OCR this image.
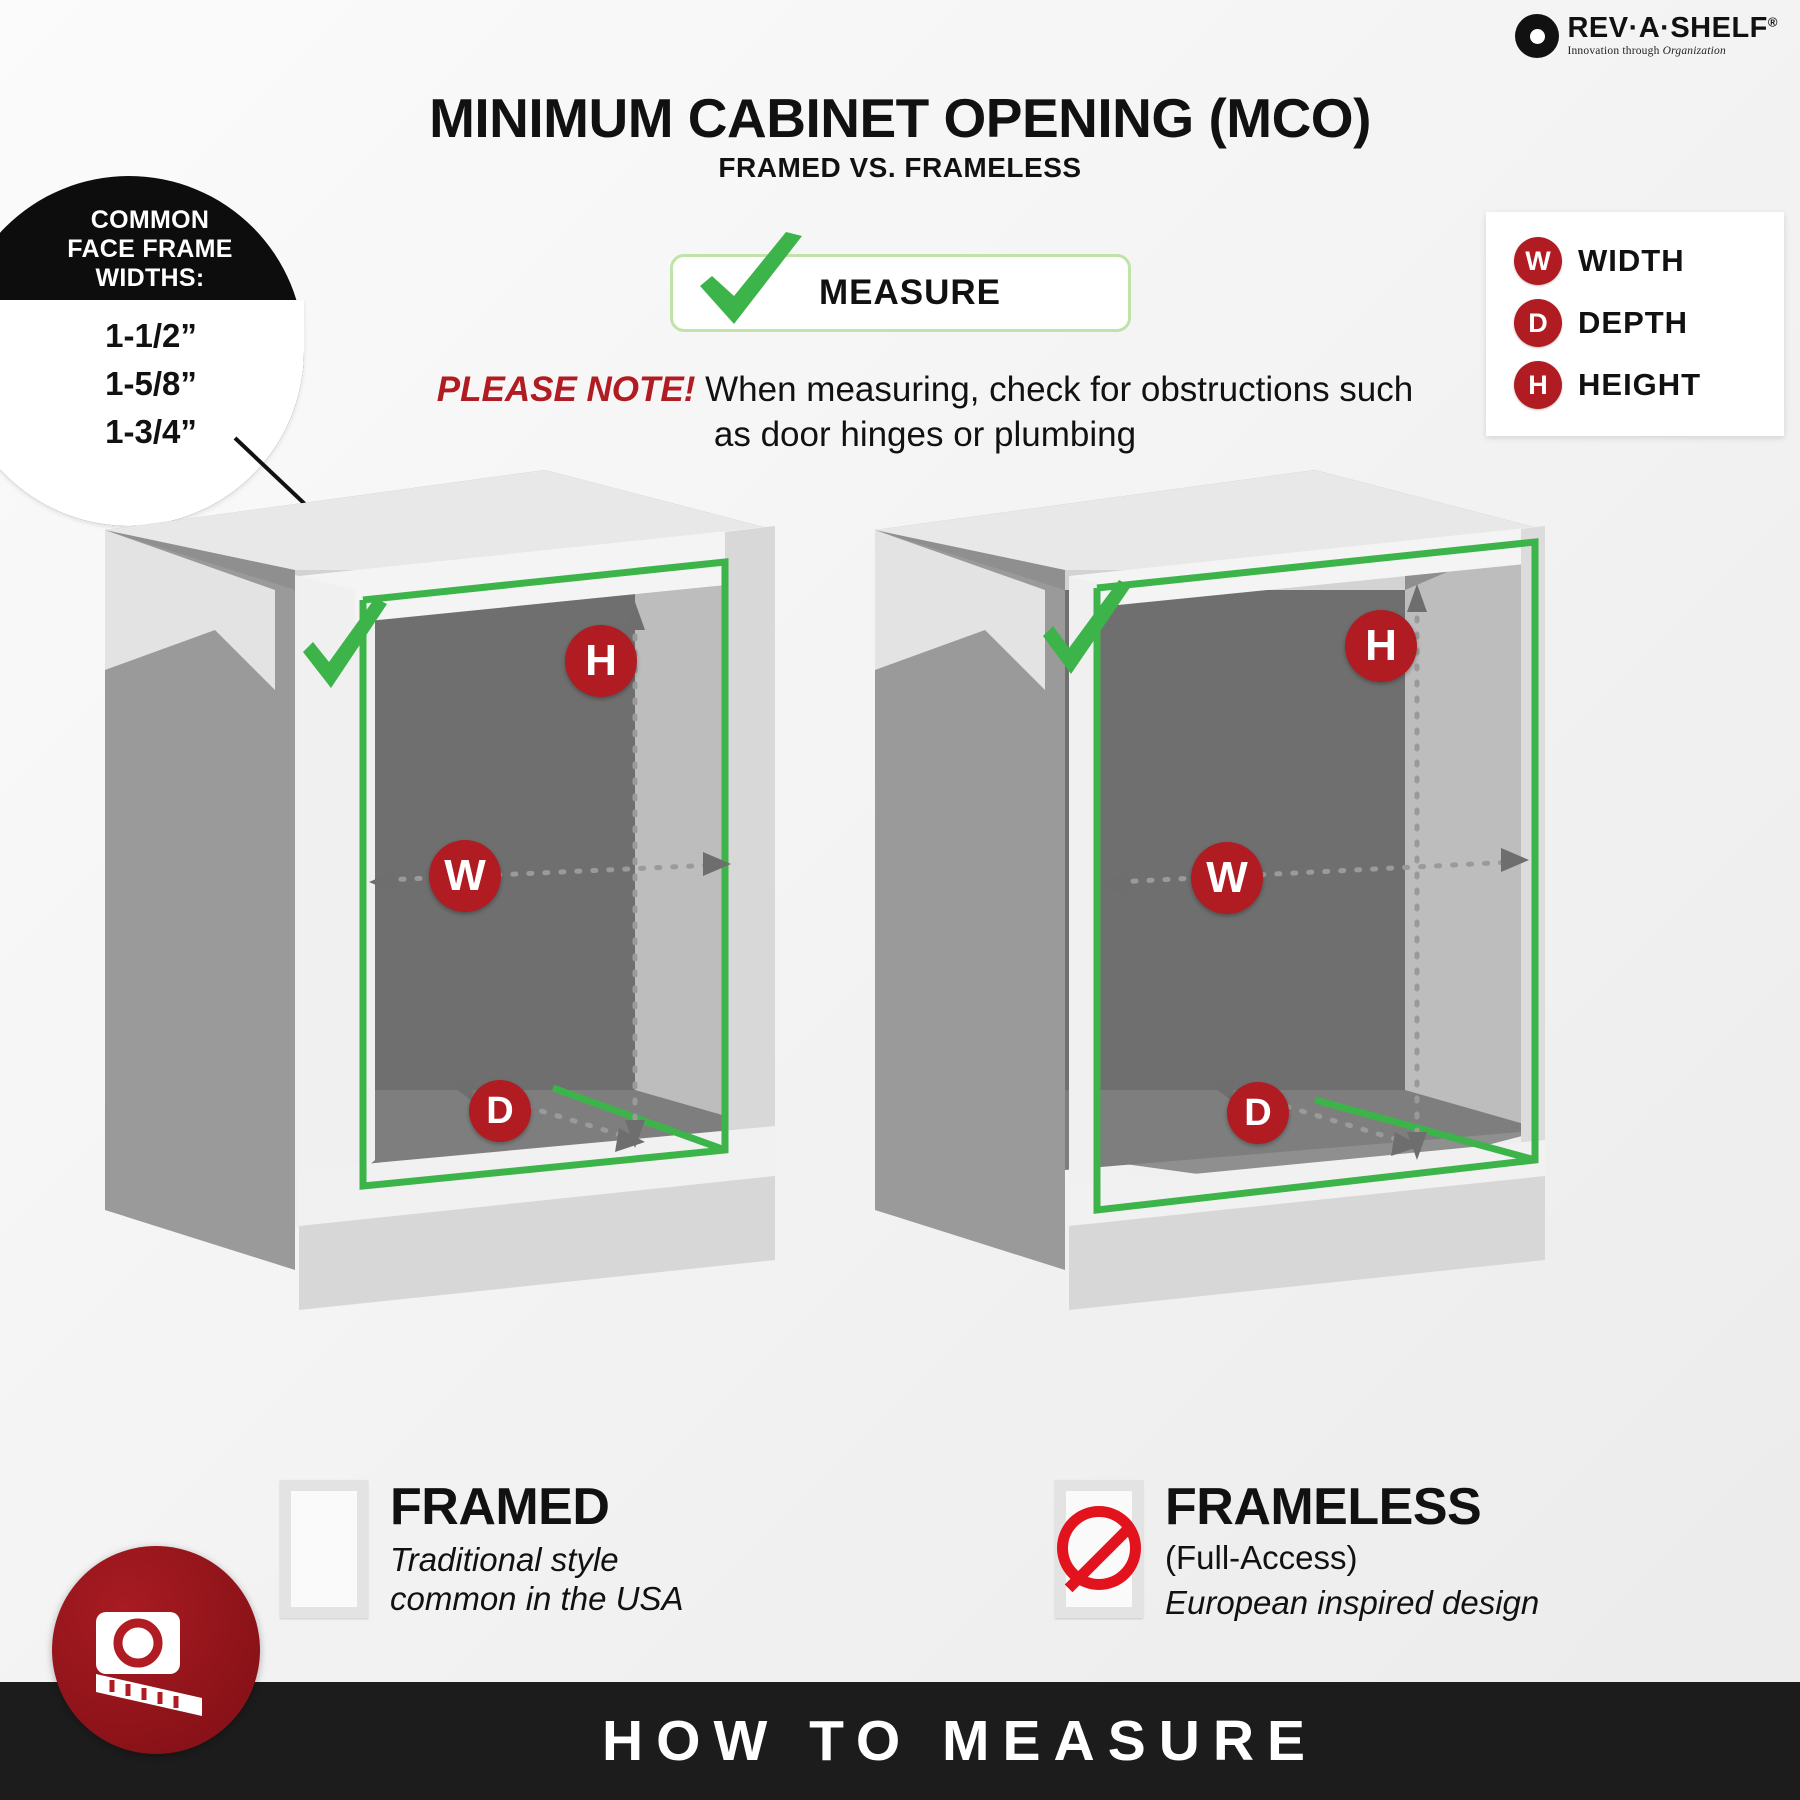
REV·A·SHELF®
Innovation through Organization
MINIMUM CABINET OPENING (MCO)
FRAMED VS. FRAMELESS
COMMON
FACE FRAME
WIDTHS:
1-1/2”
1-5/8”
1-3/4”
MEASURE
PLEASE NOTE! When measuring, check for obstructions such as door hinges or plumbing
W WIDTH
D DEPTH
H HEIGHT
H
W
D
H
W
D
FRAMED
Traditional style
common in the USA
FRAMELESS
(Full-Access)
European inspired design
HOW TO MEASURE
